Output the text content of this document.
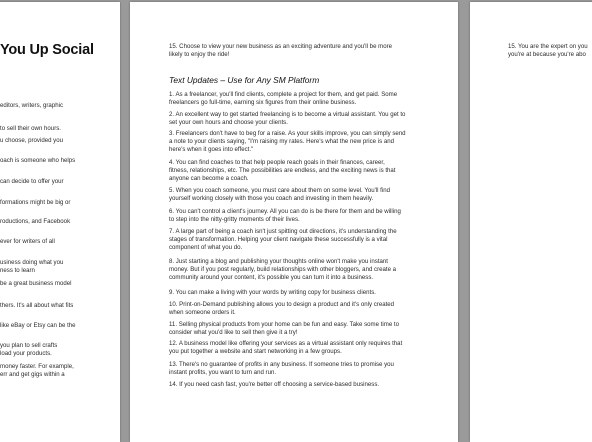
You Up Social

editors, writers, graphic

to sell their own hours.

u choose, provided you

oach is someone who helps

can decide to offer your

formations might be big or

roductions, and Facebook

ever for writers of all

usiness doing what you
ness to learn

be a great business model

thers. It's all about what fits

like eBay or Etsy can be the

you plan to sell crafts
load your products.

money faster. For example,
err and get gigs within a

15. Choose to view your new business as an exciting adventure and you'll be more
likely to enjoy the ride!

Text Updates – Use for Any SM Platform

1. As a freelancer, you'll find clients, complete a project for them, and get paid. Some
freelancers go full-time, earning six figures from their online business.

2. An excellent way to get started freelancing is to become a virtual assistant. You get to
set your own hours and choose your clients.

3. Freelancers don't have to beg for a raise. As your skills improve, you can simply send
a note to your clients saying, "I'm raising my rates. Here's what the new price is and
here's when it goes into effect."

4. You can find coaches to that help people reach goals in their finances, career,
fitness, relationships, etc. The possibilities are endless, and the exciting news is that
anyone can become a coach.

5. When you coach someone, you must care about them on some level. You'll find
yourself working closely with those you coach and investing in them heavily.

6. You can't control a client's journey. All you can do is be there for them and be willing
to step into the nitty-gritty moments of their lives.

7. A large part of being a coach isn't just spitting out directions, it's understanding the
stages of transformation. Helping your client navigate these successfully is a vital
component of what you do.

8. Just starting a blog and publishing your thoughts online won't make you instant
money. But if you post regularly, build relationships with other bloggers, and create a
community around your content, it's possible you can turn it into a business.

9. You can make a living with your words by writing copy for business clients.

10. Print-on-Demand publishing allows you to design a product and it's only created
when someone orders it.

11. Selling physical products from your home can be fun and easy. Take some time to
consider what you'd like to sell then give it a try!

12. A business model like offering your services as a virtual assistant only requires that
you put together a website and start networking in a few groups.

13. There's no guarantee of profits in any business. If someone tries to promise you
instant profits, you want to turn and run.

14. If you need cash fast, you're better off choosing a service-based business.

15. You are the expert on you
you're at because you're abo
